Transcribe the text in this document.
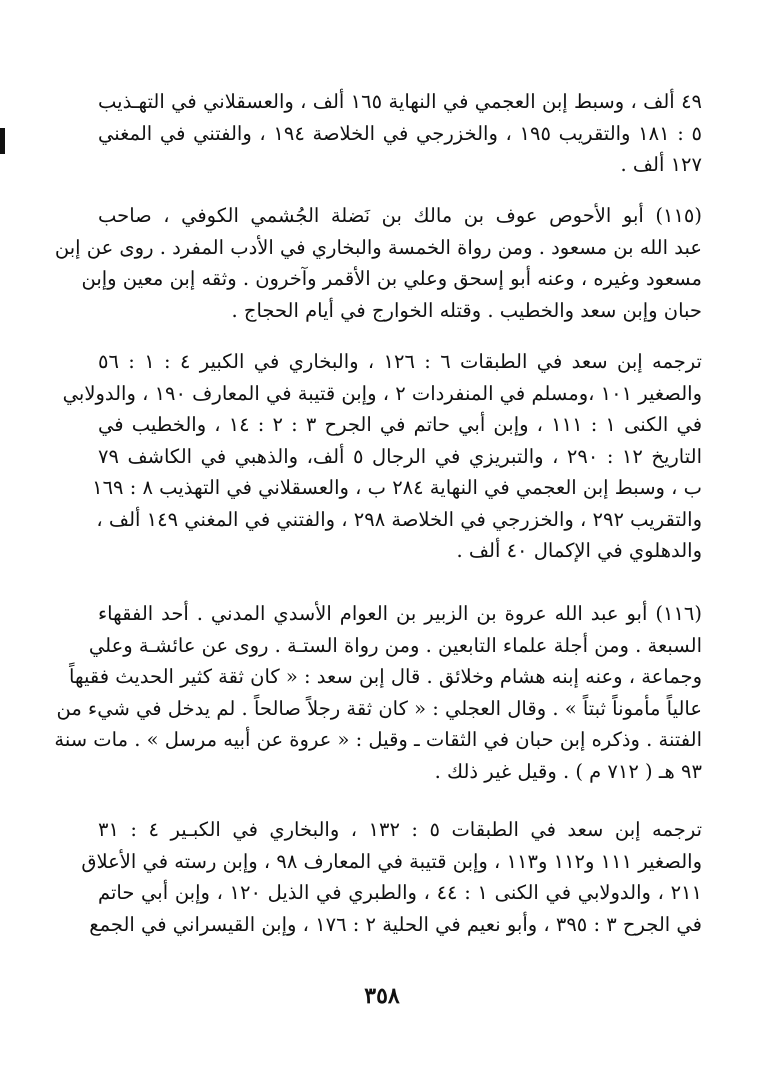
٤٩ ألف ، وسبط إبن العجمي في النهاية ١٦٥ ألف ، والعسقلاني في التهـذيب
٥ : ١٨١ والتقريب ١٩٥ ، والخزرجي في الخلاصة ١٩٤ ، والفتني في المغني
١٢٧ ألف .
(١١٥) أبو الأحوص عوف بن مالك بن نَضلة الجُشمي الكوفي ، صاحب
عبد الله بن مسعود . ومن رواة الخمسة والبخاري في الأدب المفرد . روى عن إبن
مسعود وغيره ، وعنه أبو إسحق وعلي بن الأقمر وآخرون . وثقه إبن معين وإبن
حبان وإبن سعد والخطيب . وقتله الخوارج في أيام الحجاج .
ترجمه إبن سعد في الطبقات ٦ : ١٢٦ ، والبخاري في الكبير ٤ : ١ : ٥٦
والصغير ١٠١ ،ومسلم في المنفردات ٢ ، وإبن قتيبة في المعارف ١٩٠ ، والدولابي
في الكنى ١ : ١١١ ، وإبن أبي حاتم في الجرح ٣ : ٢ : ١٤ ، والخطيب في
التاريخ ١٢ : ٢٩٠ ، والتبريزي في الرجال ٥ ألف، والذهبي في الكاشف ٧٩
ب ، وسبط إبن العجمي في النهاية ٢٨٤ ب ، والعسقلاني في التهذيب ٨ : ١٦٩
والتقريب ٢٩٢ ، والخزرجي في الخلاصة ٢٩٨ ، والفتني في المغني ١٤٩ ألف ،
والدهلوي في الإكمال ٤٠ ألف .
(١١٦) أبو عبد الله عروة بن الزبير بن العوام الأسدي المدني . أحد الفقهاء
السبعة . ومن أجلة علماء التابعين . ومن رواة الستـة . روى عن عائشـة وعلي
وجماعة ، وعنه إبنه هشام وخلائق . قال إبن سعد : « كان ثقة كثير الحديث فقيهاً
عالياً مأموناً ثبتاً » . وقال العجلي : « كان ثقة رجلاً صالحاً . لم يدخل في شيء من
الفتنة . وذكره إبن حبان في الثقات ـ وقيل : « عروة عن أبيه مرسل » . مات سنة
٩٣ هـ ( ٧١٢ م ) . وقيل غير ذلك .
ترجمه إبن سعد في الطبقات ٥ : ١٣٢ ، والبخاري في الكبـير ٤ : ٣١
والصغير ١١١ و١١٢ و١١٣ ، وإبن قتيبة في المعارف ٩٨ ، وإبن رسته في الأعلاق
٢١١ ، والدولابي في الكنى ١ : ٤٤ ، والطبري في الذيل ١٢٠ ، وإبن أبي حاتم
في الجرح ٣ : ٣٩٥ ، وأبو نعيم في الحلية ٢ : ١٧٦ ، وإبن القيسراني في الجمع
٣٥٨
